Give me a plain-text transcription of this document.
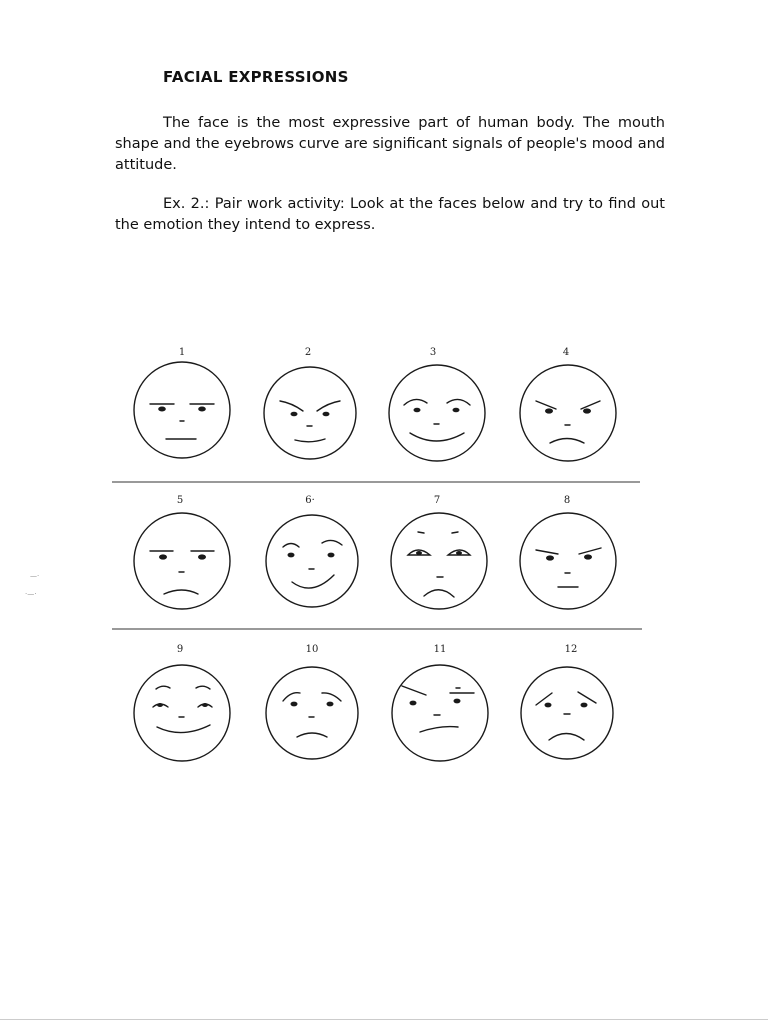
FACIAL EXPRESSIONS

The face is the most expressive part of human body. The mouth shape and the eyebrows curve are significant signals of people's mood and attitude.

Ex. 2.: Pair work activity: Look at the faces below and try to find out the emotion they intend to express.

1	2	3	4
5	6·	7	8
9	10	11	12
—·
·—·
